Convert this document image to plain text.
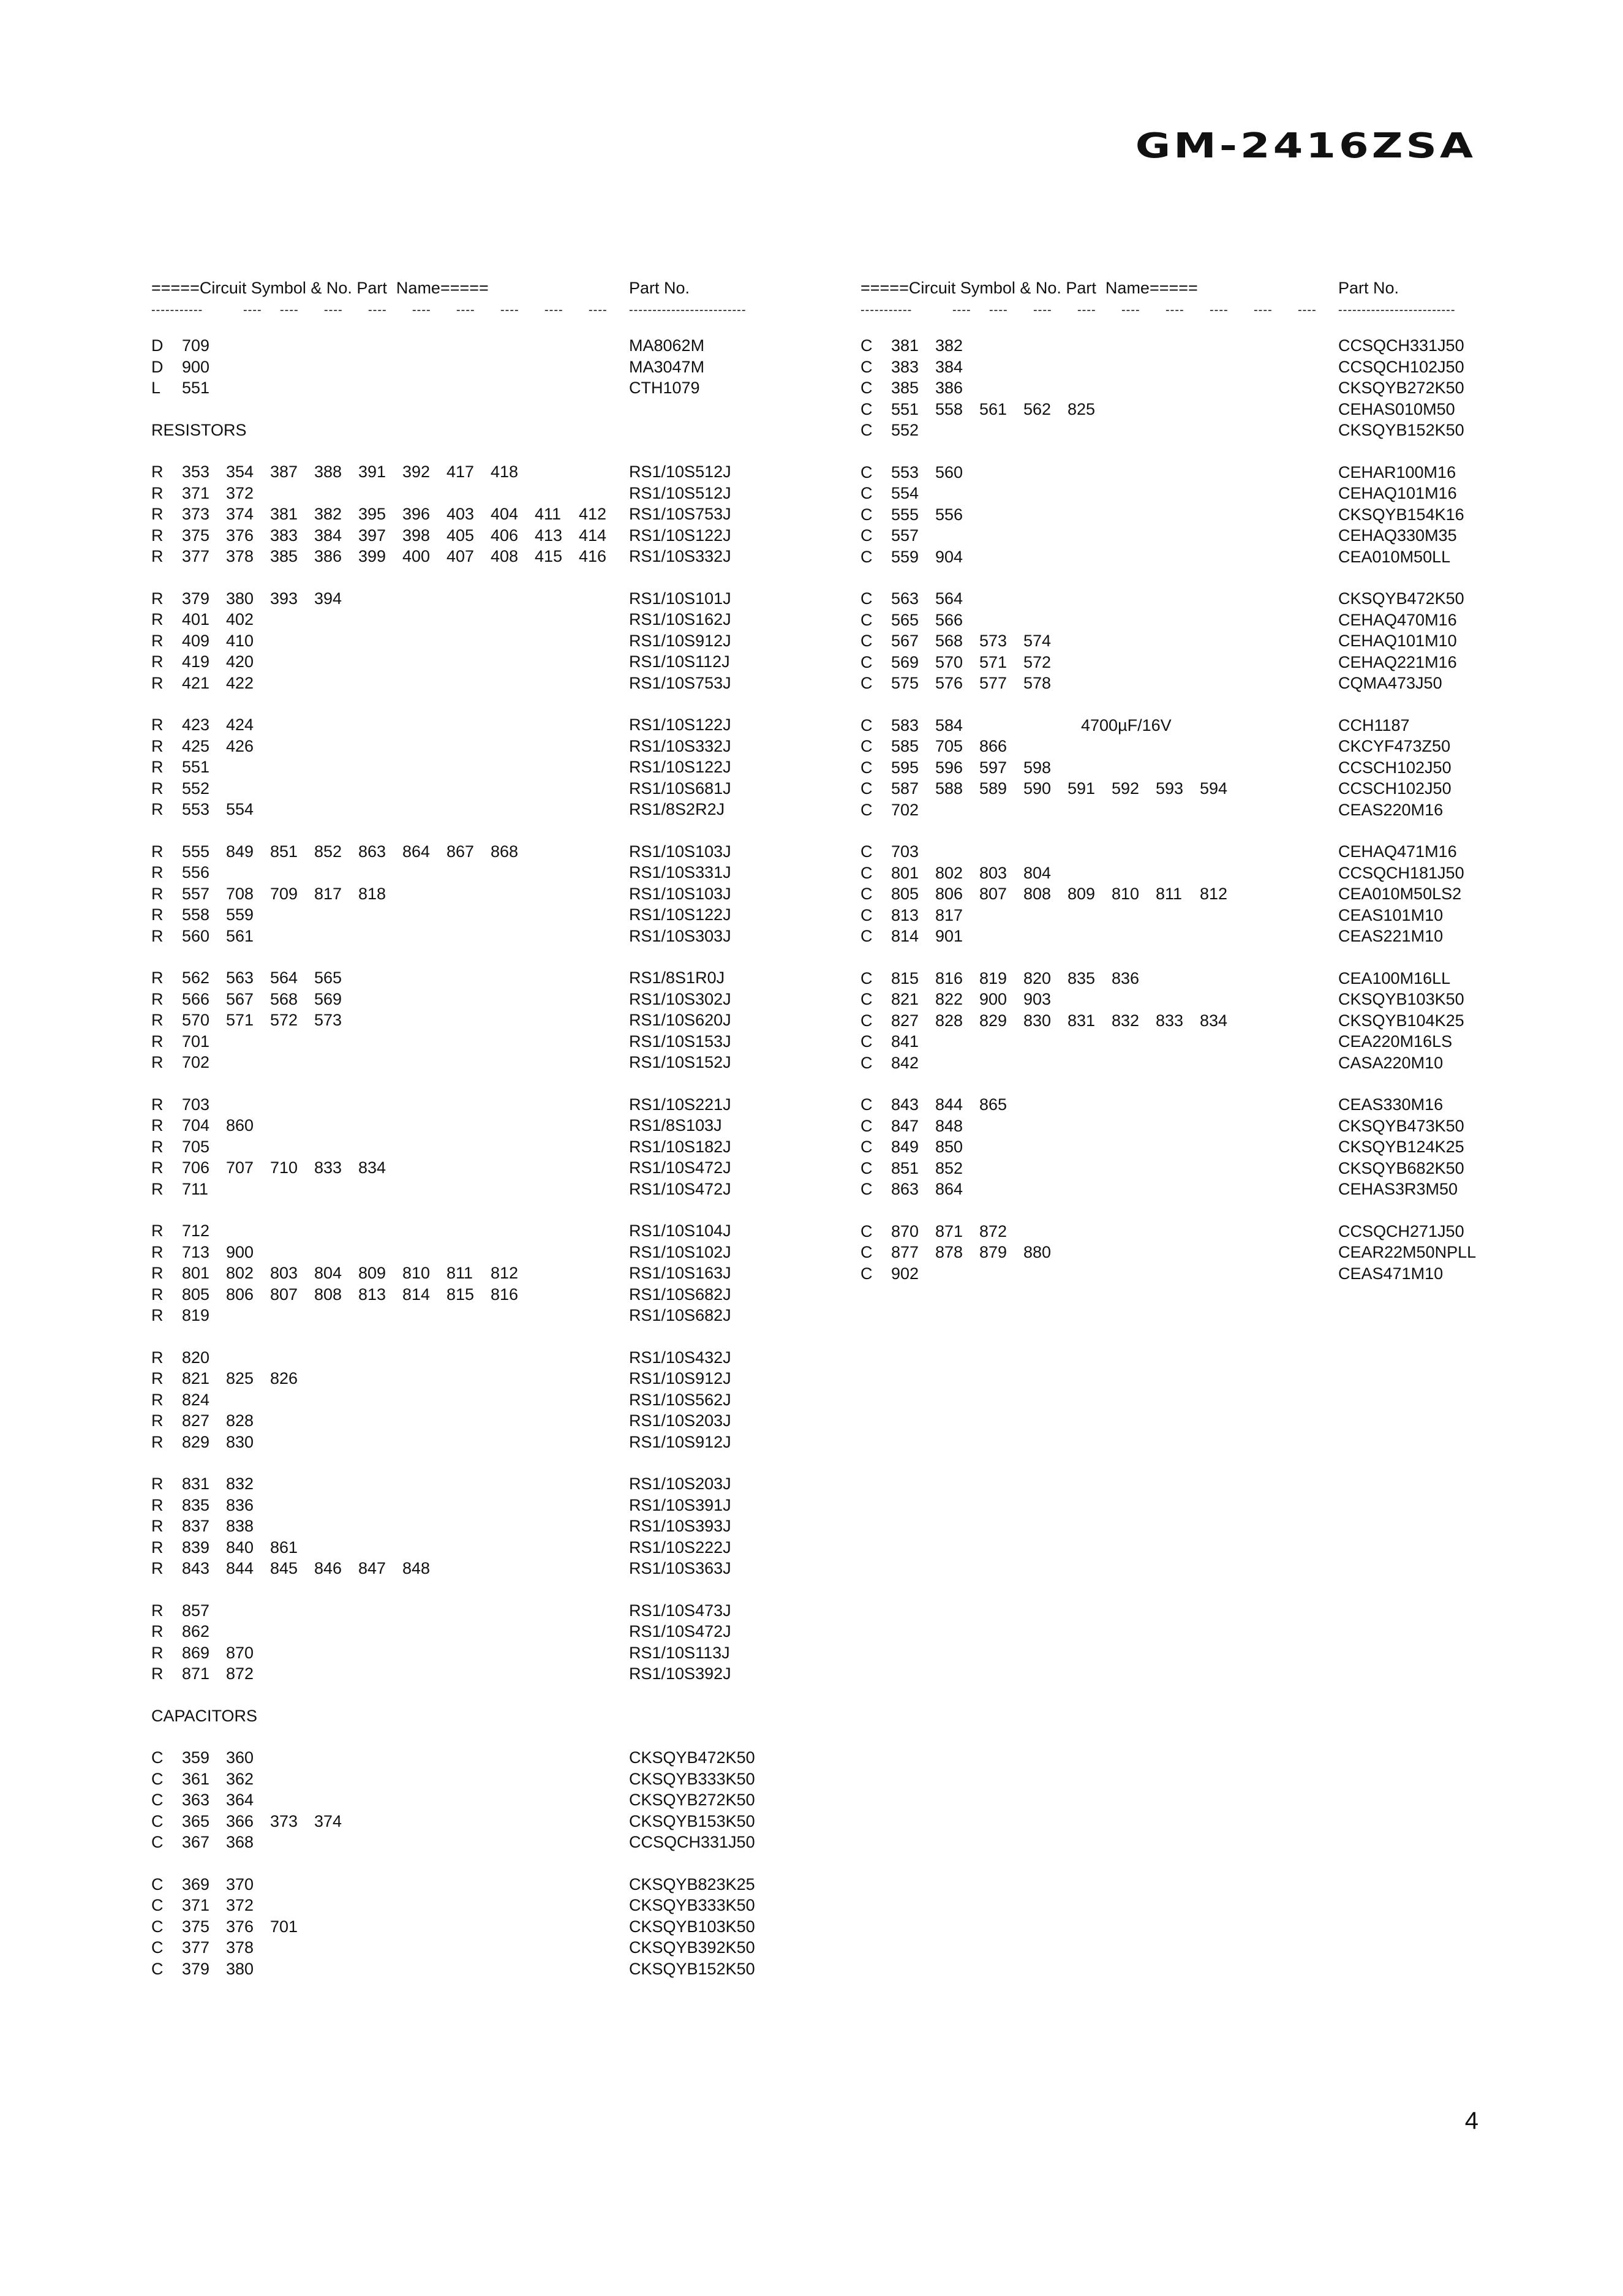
GM-2416ZSA
=====Circuit Symbol & No. Part  Name=====	Part No.
-----------	---- ---- ---- ---- ---- ---- ---- ---- ---- -------------------------
D 709	MA8062M
D 900	MA3047M
L 551	CTH1079
RESISTORS
R 353 354 387 388 391 392 417 418	RS1/10S512J
R 371 372	RS1/10S512J
R 373 374 381 382 395 396 403 404 411 412 RS1/10S753J
R 375 376 383 384 397 398 405 406 413 414 RS1/10S122J
R 377 378 385 386 399 400 407 408 415 416 RS1/10S332J
R 379 380 393 394	RS1/10S101J
R 401 402	RS1/10S162J
R 409 410	RS1/10S912J
R 419 420	RS1/10S112J
R 421 422	RS1/10S753J
R 423 424	RS1/10S122J
R 425 426	RS1/10S332J
R 551	RS1/10S122J
R 552	RS1/10S681J
R 553 554	RS1/8S2R2J
R 555 849 851 852 863 864 867 868	RS1/10S103J
R 556	RS1/10S331J
R 557 708 709 817 818	RS1/10S103J
R 558 559	RS1/10S122J
R 560 561	RS1/10S303J
R 562 563 564 565	RS1/8S1R0J
R 566 567 568 569	RS1/10S302J
R 570 571 572 573	RS1/10S620J
R 701	RS1/10S153J
R 702	RS1/10S152J
R 703	RS1/10S221J
R 704 860	RS1/8S103J
R 705	RS1/10S182J
R 706 707 710 833 834	RS1/10S472J
R 711	RS1/10S472J
R 712	RS1/10S104J
R 713 900	RS1/10S102J
R 801 802 803 804 809 810 811 812	RS1/10S163J
R 805 806 807 808 813 814 815 816	RS1/10S682J
R 819	RS1/10S682J
R 820	RS1/10S432J
R 821 825 826	RS1/10S912J
R 824	RS1/10S562J
R 827 828	RS1/10S203J
R 829 830	RS1/10S912J
R 831 832	RS1/10S203J
R 835 836	RS1/10S391J
R 837 838	RS1/10S393J
R 839 840 861	RS1/10S222J
R 843 844 845 846 847 848	RS1/10S363J
R 857	RS1/10S473J
R 862	RS1/10S472J
R 869 870	RS1/10S113J
R 871 872	RS1/10S392J
CAPACITORS
C 359 360	CKSQYB472K50
C 361 362	CKSQYB333K50
C 363 364	CKSQYB272K50
C 365 366 373 374	CKSQYB153K50
C 367 368	CCSQCH331J50
C 369 370	CKSQYB823K25
C 371 372	CKSQYB333K50
C 375 376 701	CKSQYB103K50
C 377 378	CKSQYB392K50
C 379 380	CKSQYB152K50
=====Circuit Symbol & No. Part  Name=====	Part No.
-----------	---- ---- ---- ---- ---- ---- ---- ---- ---- -------------------------
C 381 382	CCSQCH331J50
C 383 384	CCSQCH102J50
C 385 386	CKSQYB272K50
C 551 558 561 562 825	CEHAS010M50
C 552	CKSQYB152K50
C 553 560	CEHAR100M16
C 554	CEHAQ101M16
C 555 556	CKSQYB154K16
C 557	CEHAQ330M35
C 559 904	CEA010M50LL
C 563 564	CKSQYB472K50
C 565 566	CEHAQ470M16
C 567 568 573 574	CEHAQ101M10
C 569 570 571 572	CEHAQ221M16
C 575 576 577 578	CQMA473J50
C 583 584	4700µF/16V	CCH1187
C 585 705 866	CKCYF473Z50
C 595 596 597 598	CCSCH102J50
C 587 588 589 590 591 592 593 594	CCSCH102J50
C 702	CEAS220M16
C 703	CEHAQ471M16
C 801 802 803 804	CCSQCH181J50
C 805 806 807 808 809 810 811 812	CEA010M50LS2
C 813 817	CEAS101M10
C 814 901	CEAS221M10
C 815 816 819 820 835 836	CEA100M16LL
C 821 822 900 903	CKSQYB103K50
C 827 828 829 830 831 832 833 834	CKSQYB104K25
C 841	CEA220M16LS
C 842	CASA220M10
C 843 844 865	CEAS330M16
C 847 848	CKSQYB473K50
C 849 850	CKSQYB124K25
C 851 852	CKSQYB682K50
C 863 864	CEHAS3R3M50
C 870 871 872	CCSQCH271J50
C 877 878 879 880	CEAR22M50NPLL
C 902	CEAS471M10
4
